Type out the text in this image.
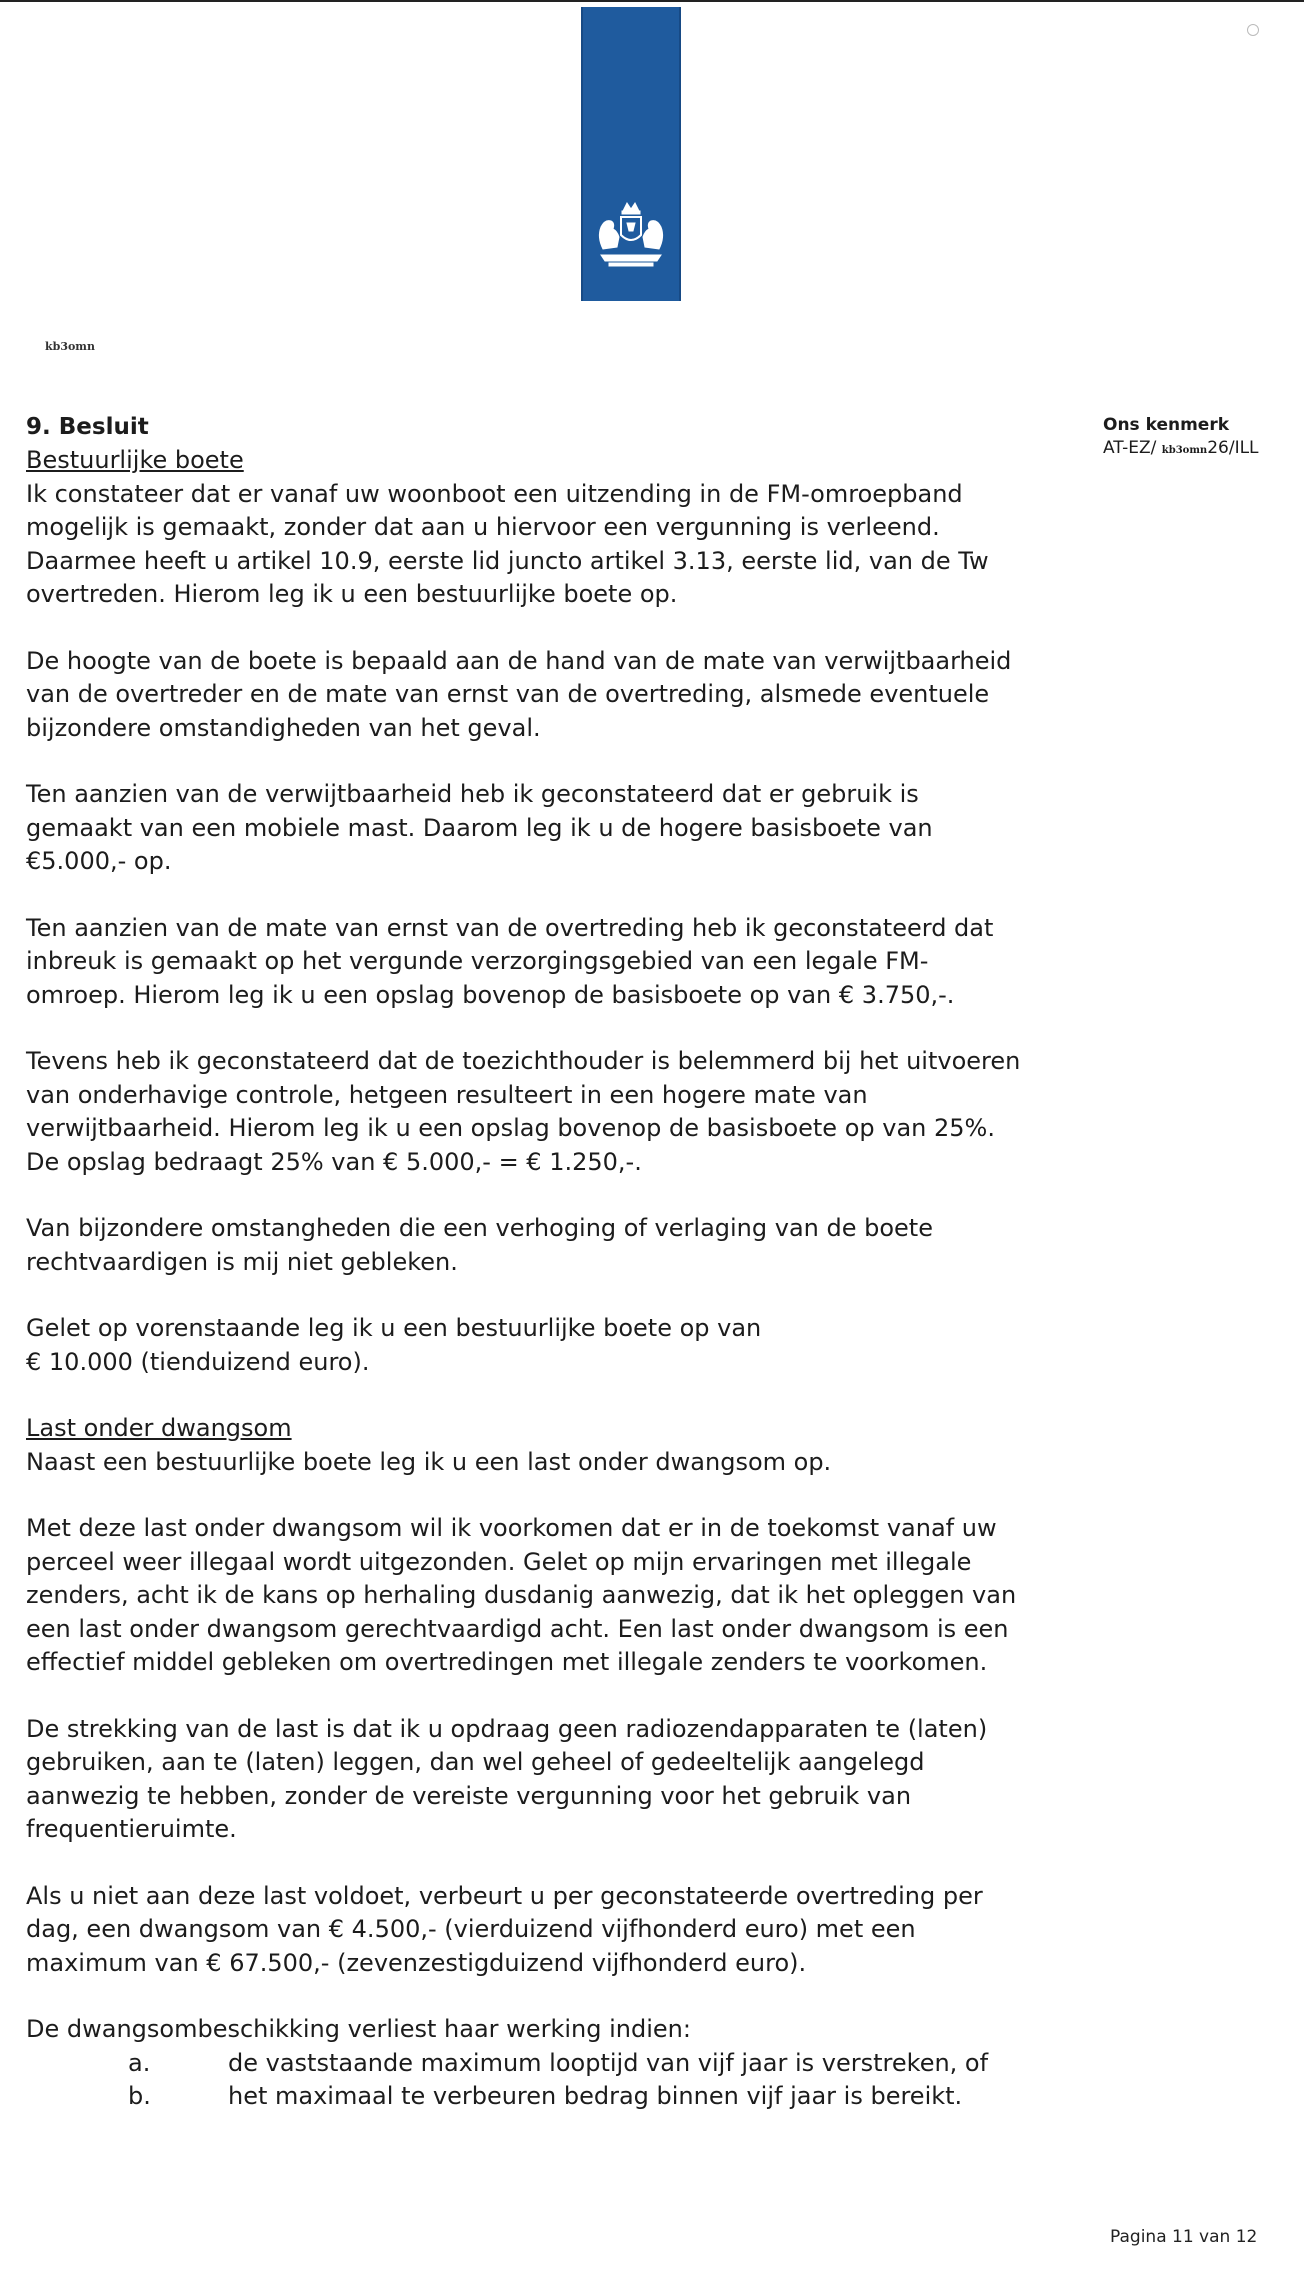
kb3omn
Ons kenmerk
AT-EZ/ kb3omn26/ILL

9. Besluit

Bestuurlijke boete

Ik constateer dat er vanaf uw woonboot een uitzending in de FM-omroepband

mogelijk is gemaakt, zonder dat aan u hiervoor een vergunning is verleend.

Daarmee heeft u artikel 10.9, eerste lid juncto artikel 3.13, eerste lid, van de Tw

overtreden. Hierom leg ik u een bestuurlijke boete op.

De hoogte van de boete is bepaald aan de hand van de mate van verwijtbaarheid

van de overtreder en de mate van ernst van de overtreding, alsmede eventuele

bijzondere omstandigheden van het geval.

Ten aanzien van de verwijtbaarheid heb ik geconstateerd dat er gebruik is

gemaakt van een mobiele mast. Daarom leg ik u de hogere basisboete van

€5.000,- op.

Ten aanzien van de mate van ernst van de overtreding heb ik geconstateerd dat

inbreuk is gemaakt op het vergunde verzorgingsgebied van een legale FM-

omroep. Hierom leg ik u een opslag bovenop de basisboete op van € 3.750,-.

Tevens heb ik geconstateerd dat de toezichthouder is belemmerd bij het uitvoeren

van onderhavige controle, hetgeen resulteert in een hogere mate van

verwijtbaarheid. Hierom leg ik u een opslag bovenop de basisboete op van 25%.

De opslag bedraagt 25% van € 5.000,- = € 1.250,-.

Van bijzondere omstangheden die een verhoging of verlaging van de boete

rechtvaardigen is mij niet gebleken.

Gelet op vorenstaande leg ik u een bestuurlijke boete op van

€ 10.000 (tienduizend euro).

Last onder dwangsom

Naast een bestuurlijke boete leg ik u een last onder dwangsom op.

Met deze last onder dwangsom wil ik voorkomen dat er in de toekomst vanaf uw

perceel weer illegaal wordt uitgezonden. Gelet op mijn ervaringen met illegale

zenders, acht ik de kans op herhaling dusdanig aanwezig, dat ik het opleggen van

een last onder dwangsom gerechtvaardigd acht. Een last onder dwangsom is een

effectief middel gebleken om overtredingen met illegale zenders te voorkomen.

De strekking van de last is dat ik u opdraag geen radiozendapparaten te (laten)

gebruiken, aan te (laten) leggen, dan wel geheel of gedeeltelijk aangelegd

aanwezig te hebben, zonder de vereiste vergunning voor het gebruik van

frequentieruimte.

Als u niet aan deze last voldoet, verbeurt u per geconstateerde overtreding per

dag, een dwangsom van € 4.500,- (vierduizend vijfhonderd euro) met een

maximum van € 67.500,- (zevenzestigduizend vijfhonderd euro).

De dwangsombeschikking verliest haar werking indien:

a.	de vaststaande maximum looptijd van vijf jaar is verstreken, of
b.	het maximaal te verbeuren bedrag binnen vijf jaar is bereikt.
Pagina 11 van 12
